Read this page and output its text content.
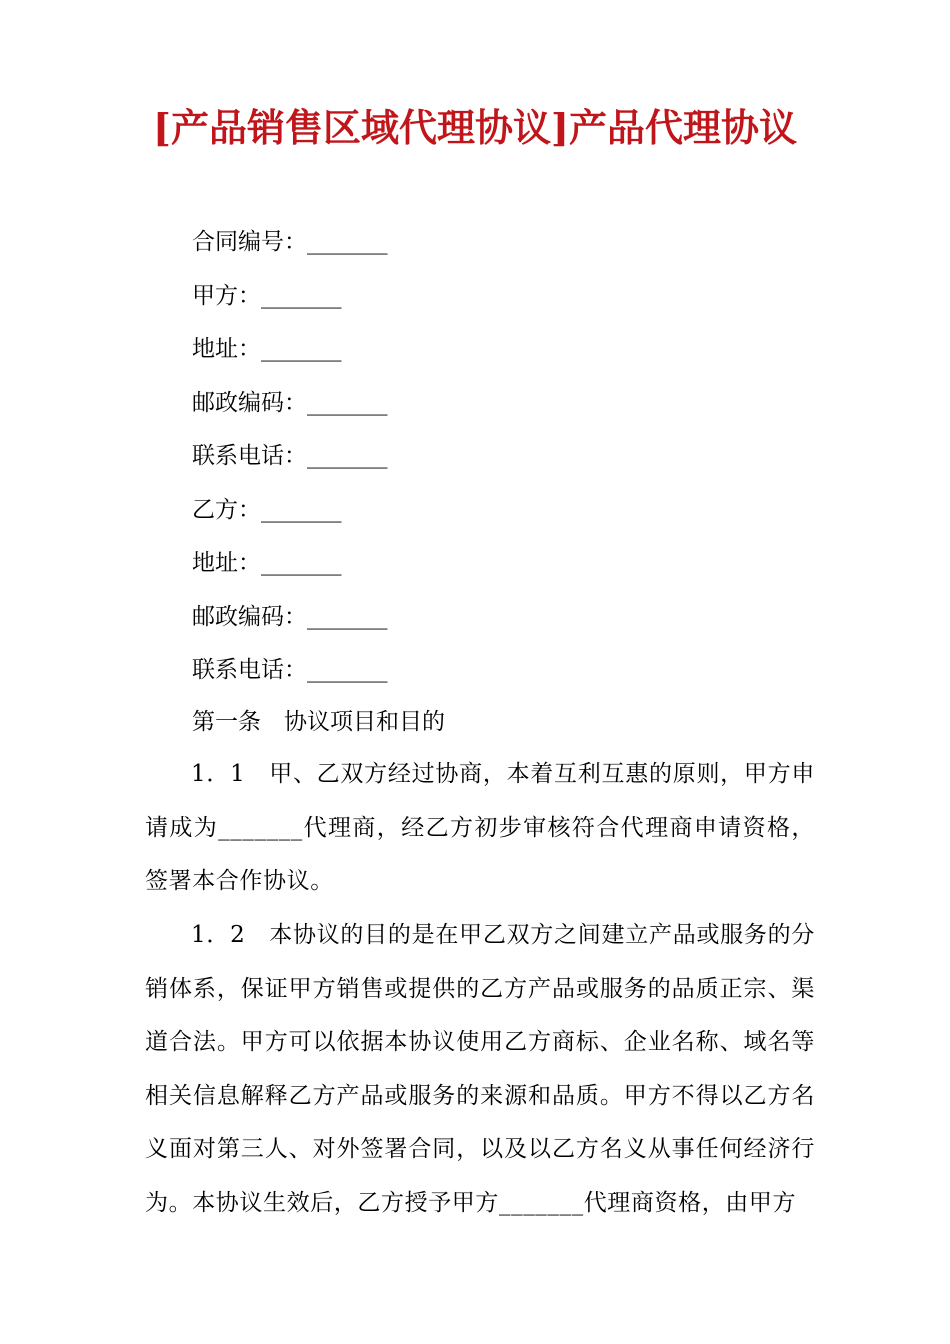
[产品销售区域代理协议]产品代理协议
合同编号：_______
甲方：_______
地址：_______
邮政编码：_______
联系电话：_______
乙方：_______
地址：_______
邮政编码：_______
联系电话：_______
第一条　协议项目和目的

1．1　甲、乙双方经过协商，本着互利互惠的原则，甲方申请成为_______代理商，经乙方初步审核符合代理商申请资格，签署本合作协议。

1．2　本协议的目的是在甲乙双方之间建立产品或服务的分销体系，保证甲方销售或提供的乙方产品或服务的品质正宗、渠道合法。甲方可以依据本协议使用乙方商标、企业名称、域名等相关信息解释乙方产品或服务的来源和品质。甲方不得以乙方名义面对第三人、对外签署合同，以及以乙方名义从事任何经济行为。本协议生效后，乙方授予甲方_______代理商资格，由甲方
